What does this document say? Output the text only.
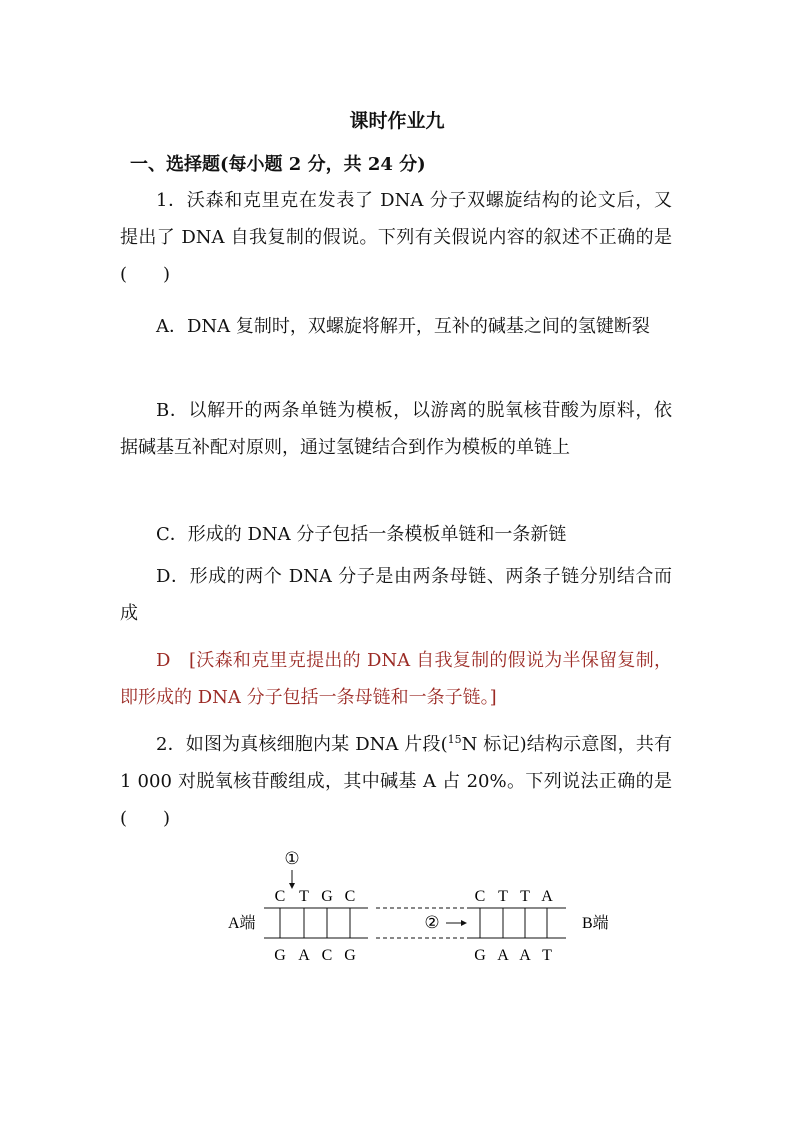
课时作业九
一、选择题(每小题 2 分，共 24 分)

1．沃森和克里克在发表了 DNA 分子双螺旋结构的论文后，又提出了 DNA 自我复制的假说。下列有关假说内容的叙述不正确的是(　　)

A．DNA 复制时，双螺旋将解开，互补的碱基之间的氢键断裂

B．以解开的两条单链为模板，以游离的脱氧核苷酸为原料，依据碱基互补配对原则，通过氢键结合到作为模板的单链上

C．形成的 DNA 分子包括一条模板单链和一条新链

D．形成的两个 DNA 分子是由两条母链、两条子链分别结合而成

D　[沃森和克里克提出的 DNA 自我复制的假说为半保留复制，即形成的 DNA 分子包括一条母链和一条子链。]

2．如图为真核细胞内某 DNA 片段($^{15}$N 标记)结构示意图，共有 1 000 对脱氧核苷酸组成，其中碱基 A 占 20%。下列说法正确的是(　　)

①
C T G C	C T T A
A端	B端
②
G A C G	G A A T
